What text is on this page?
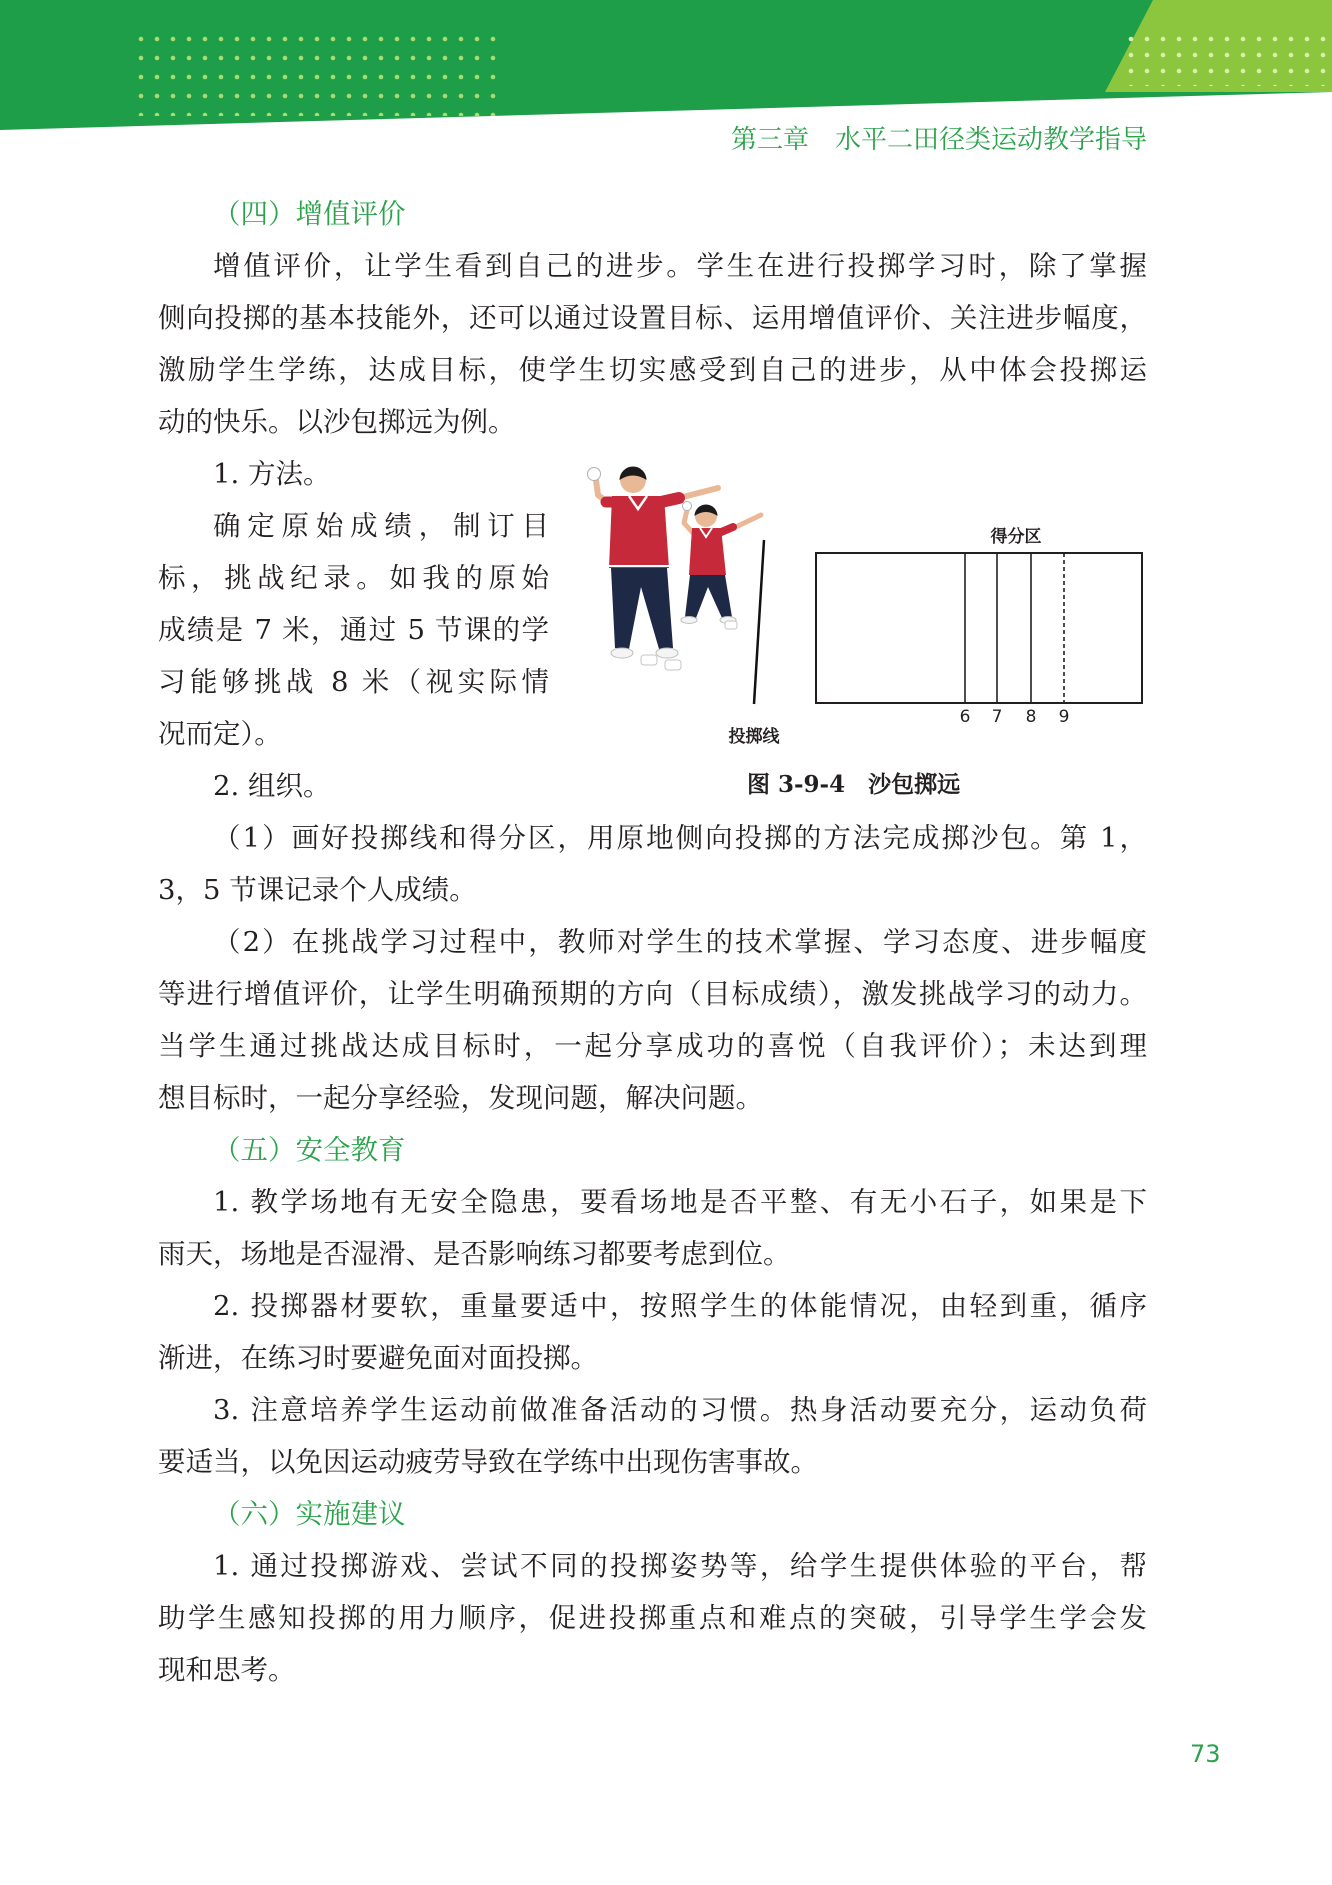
第三章　水平二田径类运动教学指导
（四）增值评价
增值评价，让学生看到自己的进步。学生在进行投掷学习时，除了掌握
侧向投掷的基本技能外，还可以通过设置目标、运用增值评价、关注进步幅度，
激励学生学练，达成目标，使学生切实感受到自己的进步，从中体会投掷运
动的快乐。以沙包掷远为例。
1. 方法。
确定原始成绩，制订目
标，挑战纪录。如我的原始
成绩是 7 米，通过 5 节课的学
习能够挑战 8 米（视实际情
况而定）。
2. 组织。
（1）画好投掷线和得分区，用原地侧向投掷的方法完成掷沙包。第 1，
3，5 节课记录个人成绩。
（2）在挑战学习过程中，教师对学生的技术掌握、学习态度、进步幅度
等进行增值评价，让学生明确预期的方向（目标成绩），激发挑战学习的动力。
当学生通过挑战达成目标时，一起分享成功的喜悦（自我评价）；未达到理
想目标时，一起分享经验，发现问题，解决问题。
（五）安全教育
1. 教学场地有无安全隐患，要看场地是否平整、有无小石子，如果是下
雨天，场地是否湿滑、是否影响练习都要考虑到位。
2. 投掷器材要软，重量要适中，按照学生的体能情况，由轻到重，循序
渐进，在练习时要避免面对面投掷。
3. 注意培养学生运动前做准备活动的习惯。热身活动要充分，运动负荷
要适当，以免因运动疲劳导致在学练中出现伤害事故。
（六）实施建议
1. 通过投掷游戏、尝试不同的投掷姿势等，给学生提供体验的平台，帮
助学生感知投掷的用力顺序，促进投掷重点和难点的突破，引导学生学会发
现和思考。
投掷线
得分区
6 7 8 9
图 3-9-4　沙包掷远
73
